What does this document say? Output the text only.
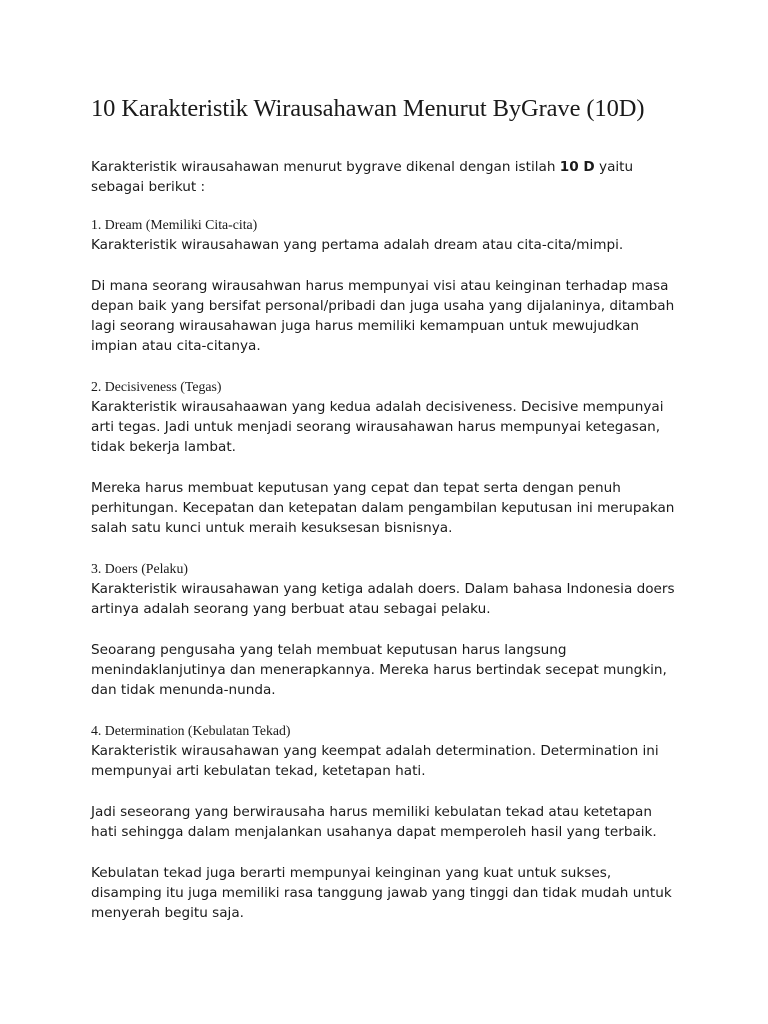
10 Karakteristik Wirausahawan Menurut ByGrave (10D)

Karakteristik wirausahawan menurut bygrave dikenal dengan istilah 10 D yaitu sebagai berikut :

1. Dream (Memiliki Cita-cita)

Karakteristik wirausahawan yang pertama adalah dream atau cita-cita/mimpi.

Di mana seorang wirausahwan harus mempunyai visi atau keinginan terhadap masa depan baik yang bersifat personal/pribadi dan juga usaha yang dijalaninya, ditambah lagi seorang wirausahawan juga harus memiliki kemampuan untuk mewujudkan impian atau cita-citanya.

2. Decisiveness (Tegas)

Karakteristik wirausahaawan yang kedua adalah decisiveness. Decisive mempunyai arti tegas. Jadi untuk menjadi seorang wirausahawan harus mempunyai ketegasan, tidak bekerja lambat.

Mereka harus membuat keputusan yang cepat dan tepat serta dengan penuh perhitungan. Kecepatan dan ketepatan dalam pengambilan keputusan ini merupakan salah satu kunci untuk meraih kesuksesan bisnisnya.

3. Doers (Pelaku)

Karakteristik wirausahawan yang ketiga adalah doers. Dalam bahasa Indonesia doers artinya adalah seorang yang berbuat atau sebagai pelaku.

Seoarang pengusaha yang telah membuat keputusan harus langsung menindaklanjutinya dan menerapkannya. Mereka harus bertindak secepat mungkin, dan tidak menunda-nunda.

4. Determination (Kebulatan Tekad)

Karakteristik wirausahawan yang keempat adalah determination. Determination ini mempunyai arti kebulatan tekad, ketetapan hati.

Jadi seseorang yang berwirausaha harus memiliki kebulatan tekad atau ketetapan hati sehingga dalam menjalankan usahanya dapat memperoleh hasil yang terbaik.

Kebulatan tekad juga berarti mempunyai keinginan yang kuat untuk sukses, disamping itu juga memiliki rasa tanggung jawab yang tinggi dan tidak mudah untuk menyerah begitu saja.
